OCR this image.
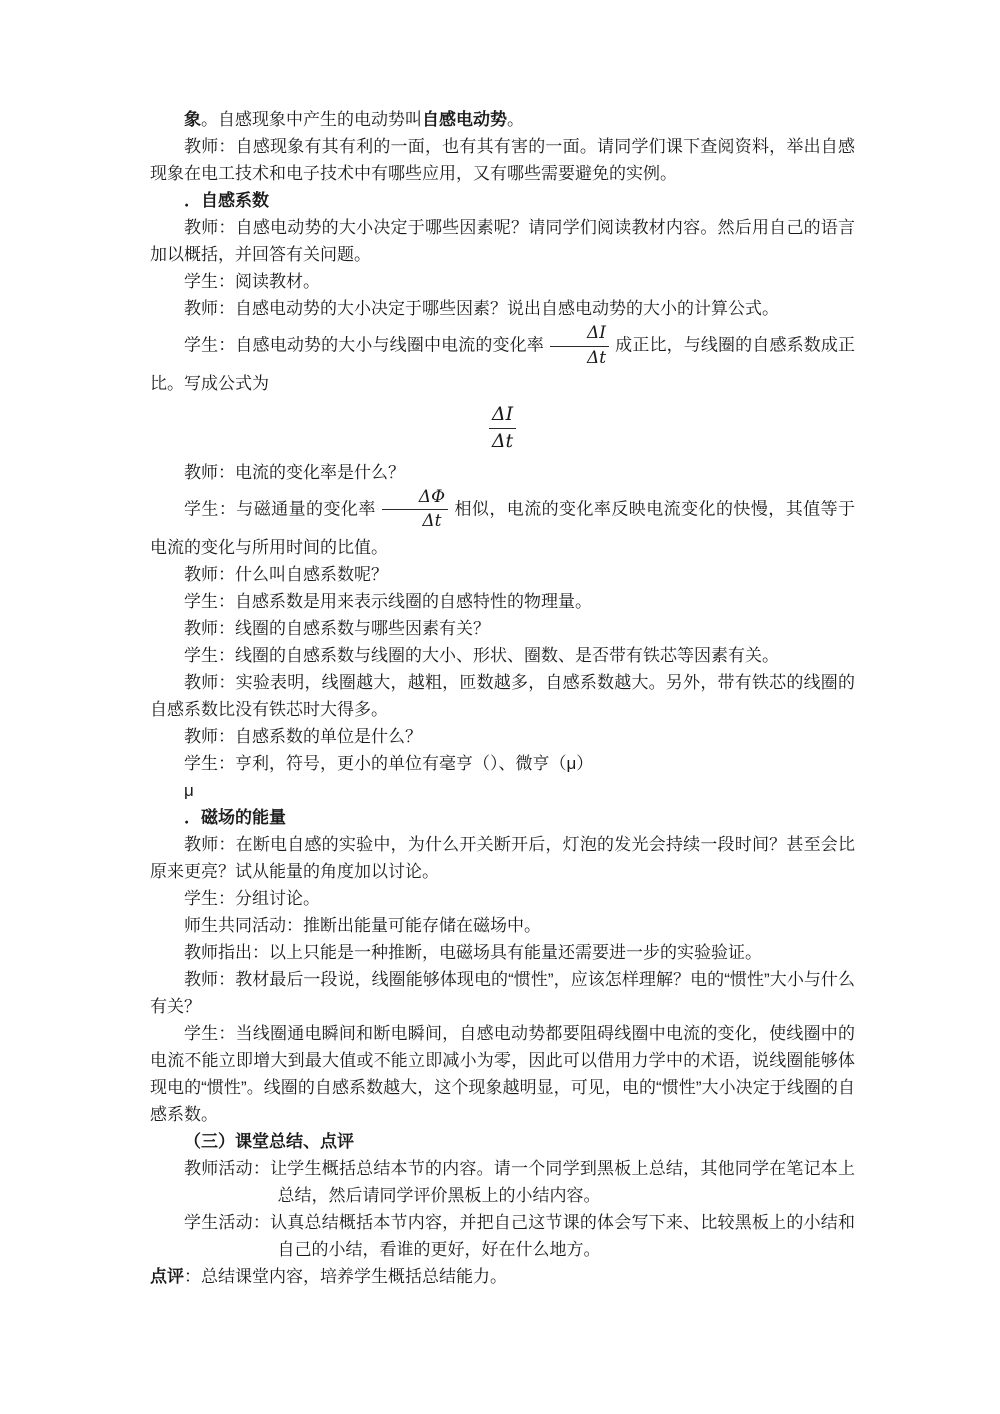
象。自感现象中产生的电动势叫自感电动势。

教师：自感现象有其有利的一面，也有其有害的一面。请同学们课下查阅资料，举出自感现象在电工技术和电子技术中有哪些应用，又有哪些需要避免的实例。

．自感系数

教师：自感电动势的大小决定于哪些因素呢？请同学们阅读教材内容。然后用自己的语言加以概括，并回答有关问题。

学生：阅读教材。

教师：自感电动势的大小决定于哪些因素？说出自感电动势的大小的计算公式。

学生：自感电动势的大小与线圈中电流的变化率 $\frac{\Delta I}{\Delta t}$ 成正比，与线圈的自感系数成正比。写成公式为

$\frac{\Delta I}{\Delta t}$

教师：电流的变化率是什么？

学生：与磁通量的变化率 $\frac{\Delta\Phi}{\Delta t}$ 相似，电流的变化率反映电流变化的快慢，其值等于电流的变化与所用时间的比值。

教师：什么叫自感系数呢？

学生：自感系数是用来表示线圈的自感特性的物理量。

教师：线圈的自感系数与哪些因素有关？

学生：线圈的自感系数与线圈的大小、形状、圈数、是否带有铁芯等因素有关。

教师：实验表明，线圈越大，越粗，匝数越多，自感系数越大。另外，带有铁芯的线圈的自感系数比没有铁芯时大得多。

教师：自感系数的单位是什么？

学生：亨利，符号，更小的单位有毫亨（）、微亨（μ）

μ

．磁场的能量

教师：在断电自感的实验中，为什么开关断开后，灯泡的发光会持续一段时间？甚至会比原来更亮？试从能量的角度加以讨论。

学生：分组讨论。

师生共同活动：推断出能量可能存储在磁场中。

教师指出：以上只能是一种推断，电磁场具有能量还需要进一步的实验验证。

教师：教材最后一段说，线圈能够体现电的“惯性”，应该怎样理解？电的“惯性”大小与什么有关？

学生：当线圈通电瞬间和断电瞬间，自感电动势都要阻碍线圈中电流的变化，使线圈中的电流不能立即增大到最大值或不能立即减小为零，因此可以借用力学中的术语，说线圈能够体现电的“惯性”。线圈的自感系数越大，这个现象越明显，可见，电的“惯性”大小决定于线圈的自感系数。

（三）课堂总结、点评

教师活动：让学生概括总结本节的内容。请一个同学到黑板上总结，其他同学在笔记本上总结，然后请同学评价黑板上的小结内容。

学生活动：认真总结概括本节内容，并把自己这节课的体会写下来、比较黑板上的小结和自己的小结，看谁的更好，好在什么地方。

点评：总结课堂内容，培养学生概括总结能力。
